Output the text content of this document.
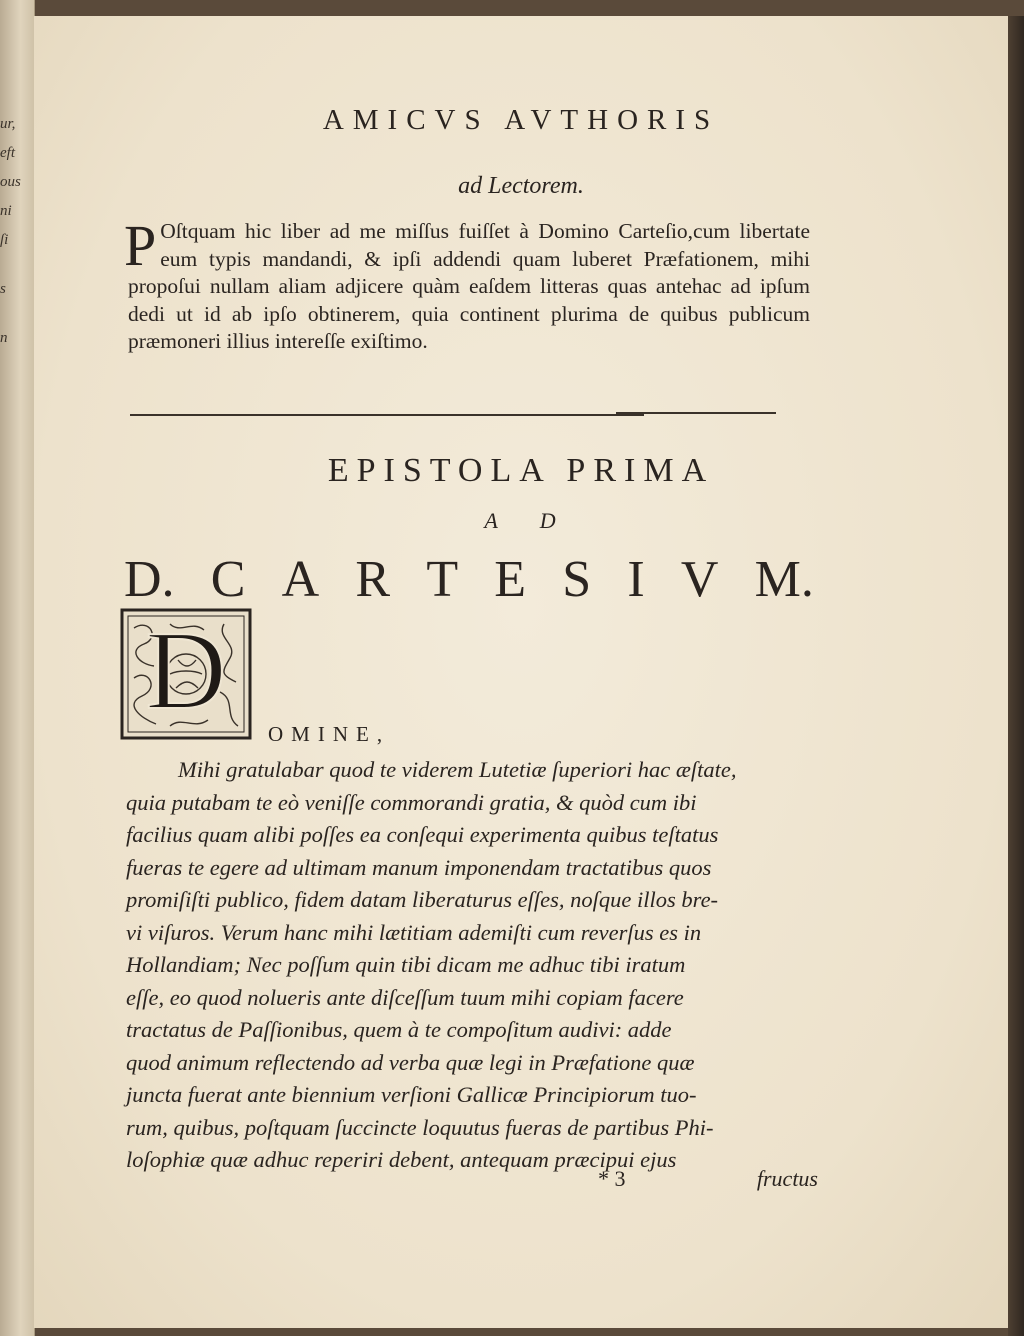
ur,
eft
ous
ni
ſi
s
n
AMICVS AVTHORIS
ad Lectorem.
P Oſtquam hic liber ad me miſſus fuiſſet à Domino Carteſio,cum libertate eum typis mandandi, & ipſi addendi quam luberet Præfationem, mihi propoſui nullam aliam adjicere quàm eaſdem litteras quas antehac ad ipſum dedi ut id ab ipſo obtinerem, quia continent plurima de quibus publicum præmoneri illius intereſſe exiſtimo.
EPISTOLA PRIMA
AD
D. C A R T E S I V M.
D
OMINE,
Mihi gratulabar quod te viderem Lutetiæ ſuperiori hac æſtate,
quia putabam te eò veniſſe commorandi gratia, & quòd cum ibi
facilius quam alibi poſſes ea conſequi experimenta quibus teſtatus
fueras te egere ad ultimam manum imponendam tractatibus quos
promiſiſti publico, fidem datam liberaturus eſſes, noſque illos bre-
vi viſuros. Verum hanc mihi lætitiam ademiſti cum reverſus es in
Hollandiam; Nec poſſum quin tibi dicam me adhuc tibi iratum
eſſe, eo quod nolueris ante diſceſſum tuum mihi copiam facere
tractatus de Paſſionibus, quem à te compoſitum audivi: adde
quod animum reflectendo ad verba quæ legi in Præfatione quæ
juncta fuerat ante biennium verſioni Gallicæ Principiorum tuo-
rum, quibus, poſtquam ſuccincte loquutus fueras de partibus Phi-
loſophiæ quæ adhuc reperiri debent, antequam præcipui ejus
* 3	fructus
